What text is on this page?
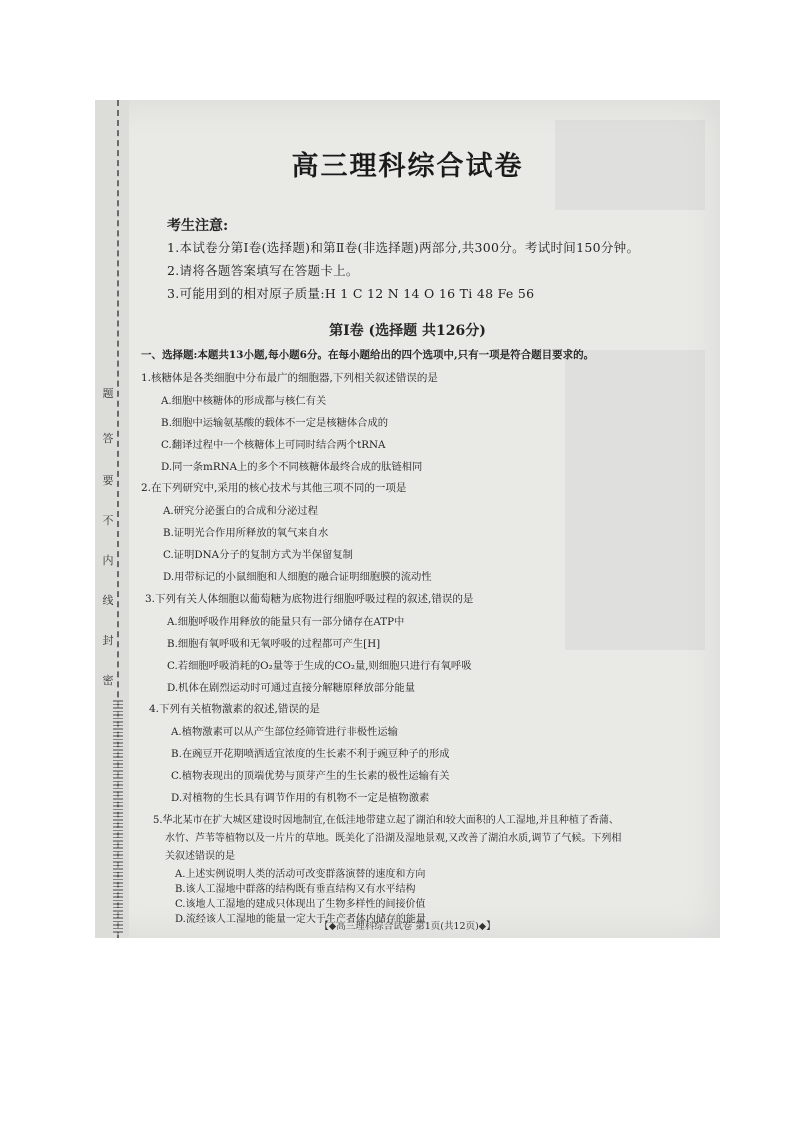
题
答
要
不
内
线
封
密
高三理科综合试卷
考生注意:
1.本试卷分第Ⅰ卷(选择题)和第Ⅱ卷(非选择题)两部分,共300分。考试时间150分钟。
2.请将各题答案填写在答题卡上。
3.可能用到的相对原子质量:H 1 C 12 N 14 O 16 Ti 48 Fe 56
第Ⅰ卷 (选择题 共126分)
一、选择题:本题共13小题,每小题6分。在每小题给出的四个选项中,只有一项是符合题目要求的。
1.核糖体是各类细胞中分布最广的细胞器,下列相关叙述错误的是
A.细胞中核糖体的形成都与核仁有关
B.细胞中运输氨基酸的载体不一定是核糖体合成的
C.翻译过程中一个核糖体上可同时结合两个tRNA
D.同一条mRNA上的多个不同核糖体最终合成的肽链相同
2.在下列研究中,采用的核心技术与其他三项不同的一项是
A.研究分泌蛋白的合成和分泌过程
B.证明光合作用所释放的氧气来自水
C.证明DNA分子的复制方式为半保留复制
D.用带标记的小鼠细胞和人细胞的融合证明细胞膜的流动性
3.下列有关人体细胞以葡萄糖为底物进行细胞呼吸过程的叙述,错误的是
A.细胞呼吸作用释放的能量只有一部分储存在ATP中
B.细胞有氧呼吸和无氧呼吸的过程都可产生[H]
C.若细胞呼吸消耗的O₂量等于生成的CO₂量,则细胞只进行有氧呼吸
D.机体在剧烈运动时可通过直接分解糖原释放部分能量
4.下列有关植物激素的叙述,错误的是
A.植物激素可以从产生部位经筛管进行非极性运输
B.在豌豆开花期喷洒适宜浓度的生长素不利于豌豆种子的形成
C.植物表现出的顶端优势与顶芽产生的生长素的极性运输有关
D.对植物的生长具有调节作用的有机物不一定是植物激素
5.华北某市在扩大城区建设时因地制宜,在低洼地带建立起了湖泊和较大面积的人工湿地,并且种植了香蒲、
水竹、芦苇等植物以及一片片的草地。既美化了沿湖及湿地景观,又改善了湖泊水质,调节了气候。下列相
关叙述错误的是
A.上述实例说明人类的活动可改变群落演替的速度和方向
【◆高三理科综合试卷 第1页(共12页)◆】
B.该人工湿地中群落的结构既有垂直结构又有水平结构
C.该地人工湿地的建成只体现出了生物多样性的间接价值
D.流经该人工湿地的能量一定大于生产者体内储存的能量
